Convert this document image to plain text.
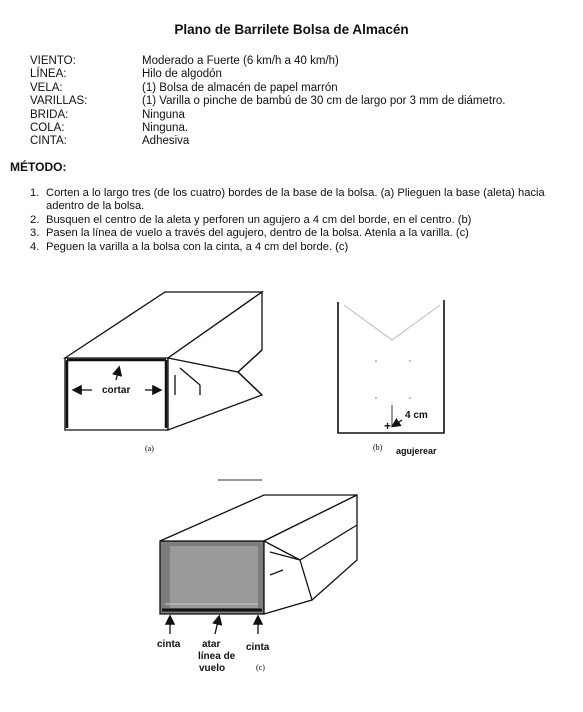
Plano de Barrilete Bolsa de Almacén
VIENTO:	Moderado a Fuerte (6 km/h a 40 km/h)
LÍNEA:	Hilo de algodón
VELA:	(1) Bolsa de almacén de papel marrón
VARILLAS:	(1) Varilla o pinche de bambú de 30 cm de largo por 3 mm de diámetro.
BRIDA:	Ninguna
COLA:	Ninguna.
CINTA:	Adhesiva
MÉTODO:
1. Corten a lo largo tres (de los cuatro) bordes de la base de la bolsa. (a) Plieguen la base (aleta) hacia adentro de la bolsa.
2. Busquen el centro de la aleta y perforen un agujero a 4 cm del borde, en el centro. (b)
3. Pasen la línea de vuelo a través del agujero, dentro de la bolsa. Atenla a la varilla. (c)
4. Peguen la varilla a la bolsa con la cinta, a 4 cm del borde. (c)
cortar
(a)
+
4 cm
(b) agujerear
cinta atar
línea de
vuelo
cinta
(c)
